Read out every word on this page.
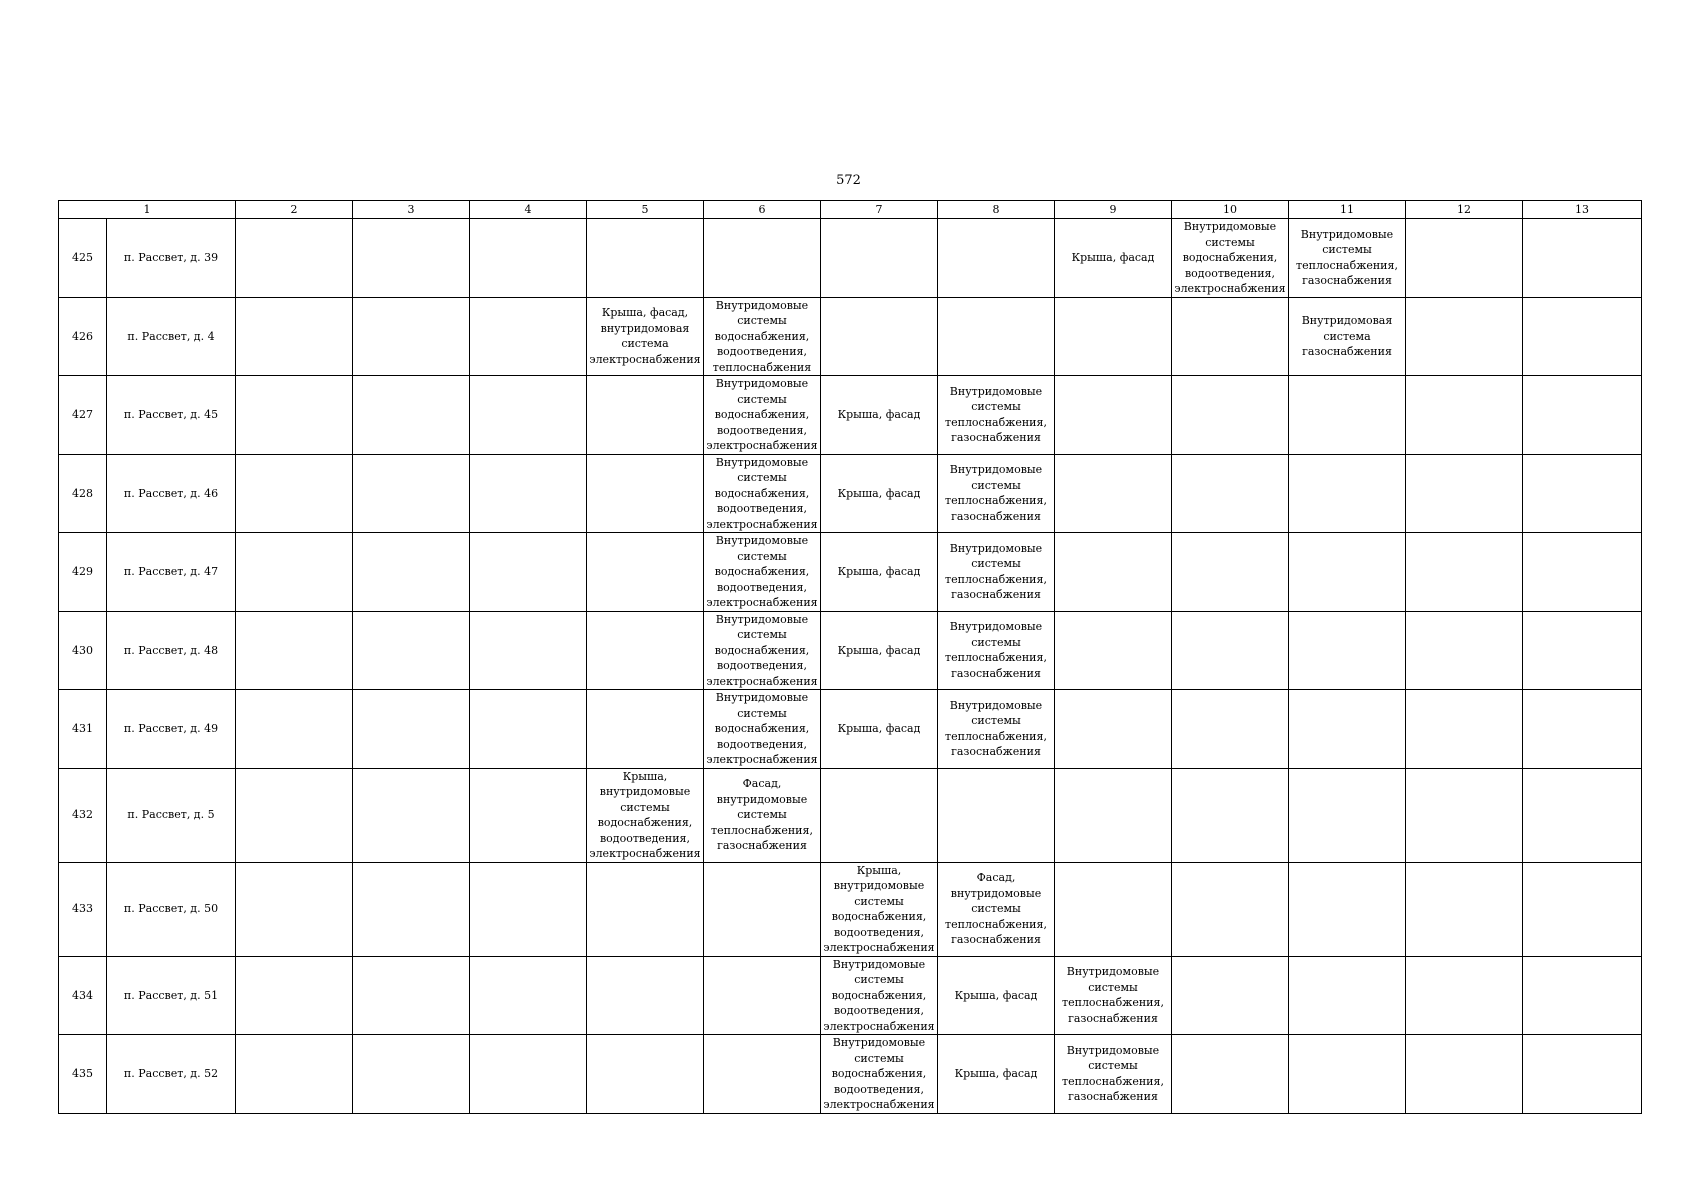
572
1		2	3	4	5	6	7	8	9	10	11	12	13
425	п. Рассвет, д. 39								Крыша, фасад	Внутридомовые системы водоснабжения, водоотведения, электроснабжения	Внутридомовые системы теплоснабжения, газоснабжения		
426	п. Рассвет, д. 4				Крыша, фасад, внутридомовая система электроснабжения	Внутридомовые системы водоснабжения, водоотведения, теплоснабжения					Внутридомовая система газоснабжения		
427	п. Рассвет, д. 45					Внутридомовые системы водоснабжения, водоотведения, электроснабжения	Крыша, фасад	Внутридомовые системы теплоснабжения, газоснабжения					
428	п. Рассвет, д. 46					Внутридомовые системы водоснабжения, водоотведения, электроснабжения	Крыша, фасад	Внутридомовые системы теплоснабжения, газоснабжения					
429	п. Рассвет, д. 47					Внутридомовые системы водоснабжения, водоотведения, электроснабжения	Крыша, фасад	Внутридомовые системы теплоснабжения, газоснабжения					
430	п. Рассвет, д. 48					Внутридомовые системы водоснабжения, водоотведения, электроснабжения	Крыша, фасад	Внутридомовые системы теплоснабжения, газоснабжения					
431	п. Рассвет, д. 49					Внутридомовые системы водоснабжения, водоотведения, электроснабжения	Крыша, фасад	Внутридомовые системы теплоснабжения, газоснабжения					
432	п. Рассвет, д. 5				Крыша, внутридомовые системы водоснабжения, водоотведения, электроснабжения	Фасад, внутридомовые системы теплоснабжения, газоснабжения							
433	п. Рассвет, д. 50						Крыша, внутридомовые системы водоснабжения, водоотведения, электроснабжения	Фасад, внутридомовые системы теплоснабжения, газоснабжения					
434	п. Рассвет, д. 51						Внутридомовые системы водоснабжения, водоотведения, электроснабжения	Крыша, фасад	Внутридомовые системы теплоснабжения, газоснабжения				
435	п. Рассвет, д. 52						Внутридомовые системы водоснабжения, водоотведения, электроснабжения	Крыша, фасад	Внутридомовые системы теплоснабжения, газоснабжения				
